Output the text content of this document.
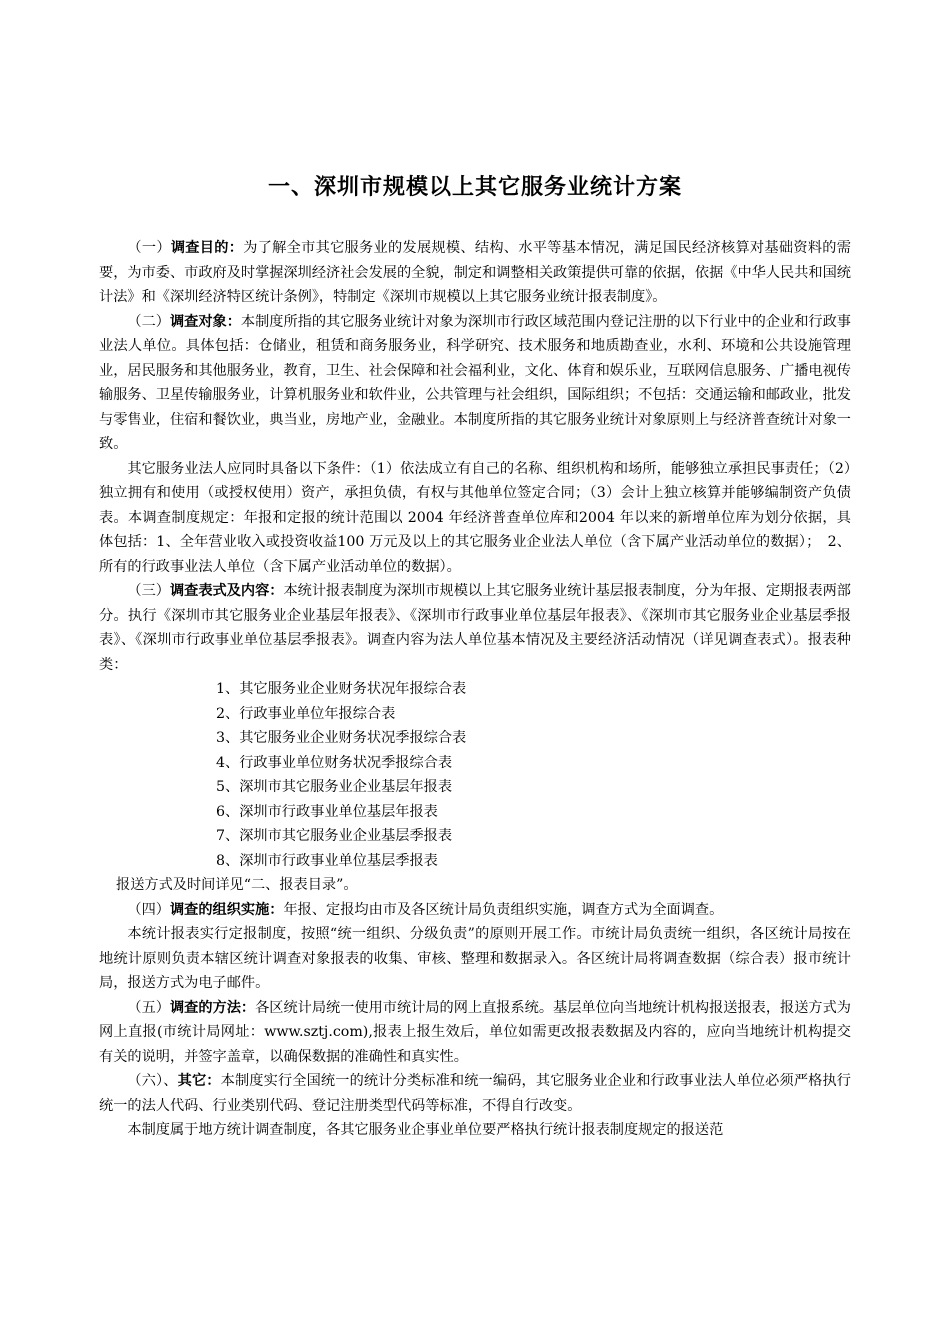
一、深圳市规模以上其它服务业统计方案

（一）调查目的：为了解全市其它服务业的发展规模、结构、水平等基本情况，满足国民经济核算对基础资料的需要，为市委、市政府及时掌握深圳经济社会发展的全貌，制定和调整相关政策提供可靠的依据，依据《中华人民共和国统计法》和《深圳经济特区统计条例》，特制定《深圳市规模以上其它服务业统计报表制度》。

（二）调查对象：本制度所指的其它服务业统计对象为深圳市行政区域范围内登记注册的以下行业中的企业和行政事业法人单位。具体包括：仓储业，租赁和商务服务业，科学研究、技术服务和地质勘查业，水利、环境和公共设施管理业，居民服务和其他服务业，教育，卫生、社会保障和社会福利业，文化、体育和娱乐业，互联网信息服务、广播电视传输服务、卫星传输服务业，计算机服务业和软件业，公共管理与社会组织，国际组织；不包括：交通运输和邮政业，批发与零售业，住宿和餐饮业，典当业，房地产业，金融业。本制度所指的其它服务业统计对象原则上与经济普查统计对象一致。

其它服务业法人应同时具备以下条件：（1）依法成立有自己的名称、组织机构和场所，能够独立承担民事责任；（2）独立拥有和使用（或授权使用）资产，承担负债，有权与其他单位签定合同；（3）会计上独立核算并能够编制资产负债表。本调查制度规定：年报和定报的统计范围以 2004 年经济普查单位库和2004 年以来的新增单位库为划分依据，具体包括：1、全年营业收入或投资收益100 万元及以上的其它服务业企业法人单位（含下属产业活动单位的数据）；　2、所有的行政事业法人单位（含下属产业活动单位的数据）。

（三）调查表式及内容：本统计报表制度为深圳市规模以上其它服务业统计基层报表制度，分为年报、定期报表两部分。执行《深圳市其它服务业企业基层年报表》、《深圳市行政事业单位基层年报表》、《深圳市其它服务业企业基层季报表》、《深圳市行政事业单位基层季报表》。调查内容为法人单位基本情况及主要经济活动情况（详见调查表式）。报表种类：

1、其它服务业企业财务状况年报综合表
2、行政事业单位年报综合表
3、其它服务业企业财务状况季报综合表
4、行政事业单位财务状况季报综合表
5、深圳市其它服务业企业基层年报表
6、深圳市行政事业单位基层年报表
7、深圳市其它服务业企业基层季报表
8、深圳市行政事业单位基层季报表

报送方式及时间详见“二、报表目录”。

（四）调查的组织实施：年报、定报均由市及各区统计局负责组织实施，调查方式为全面调查。

本统计报表实行定报制度，按照“统一组织、分级负责”的原则开展工作。市统计局负责统一组织，各区统计局按在地统计原则负责本辖区统计调查对象报表的收集、审核、整理和数据录入。各区统计局将调查数据（综合表）报市统计局，报送方式为电子邮件。

（五）调查的方法：各区统计局统一使用市统计局的网上直报系统。基层单位向当地统计机构报送报表，报送方式为网上直报(市统计局网址：www.sztj.com),报表上报生效后，单位如需更改报表数据及内容的，应向当地统计机构提交有关的说明，并签字盖章，以确保数据的准确性和真实性。

（六）、其它：本制度实行全国统一的统计分类标准和统一编码，其它服务业企业和行政事业法人单位必须严格执行统一的法人代码、行业类别代码、登记注册类型代码等标准，不得自行改变。

本制度属于地方统计调查制度，各其它服务业企事业单位要严格执行统计报表制度规定的报送范
